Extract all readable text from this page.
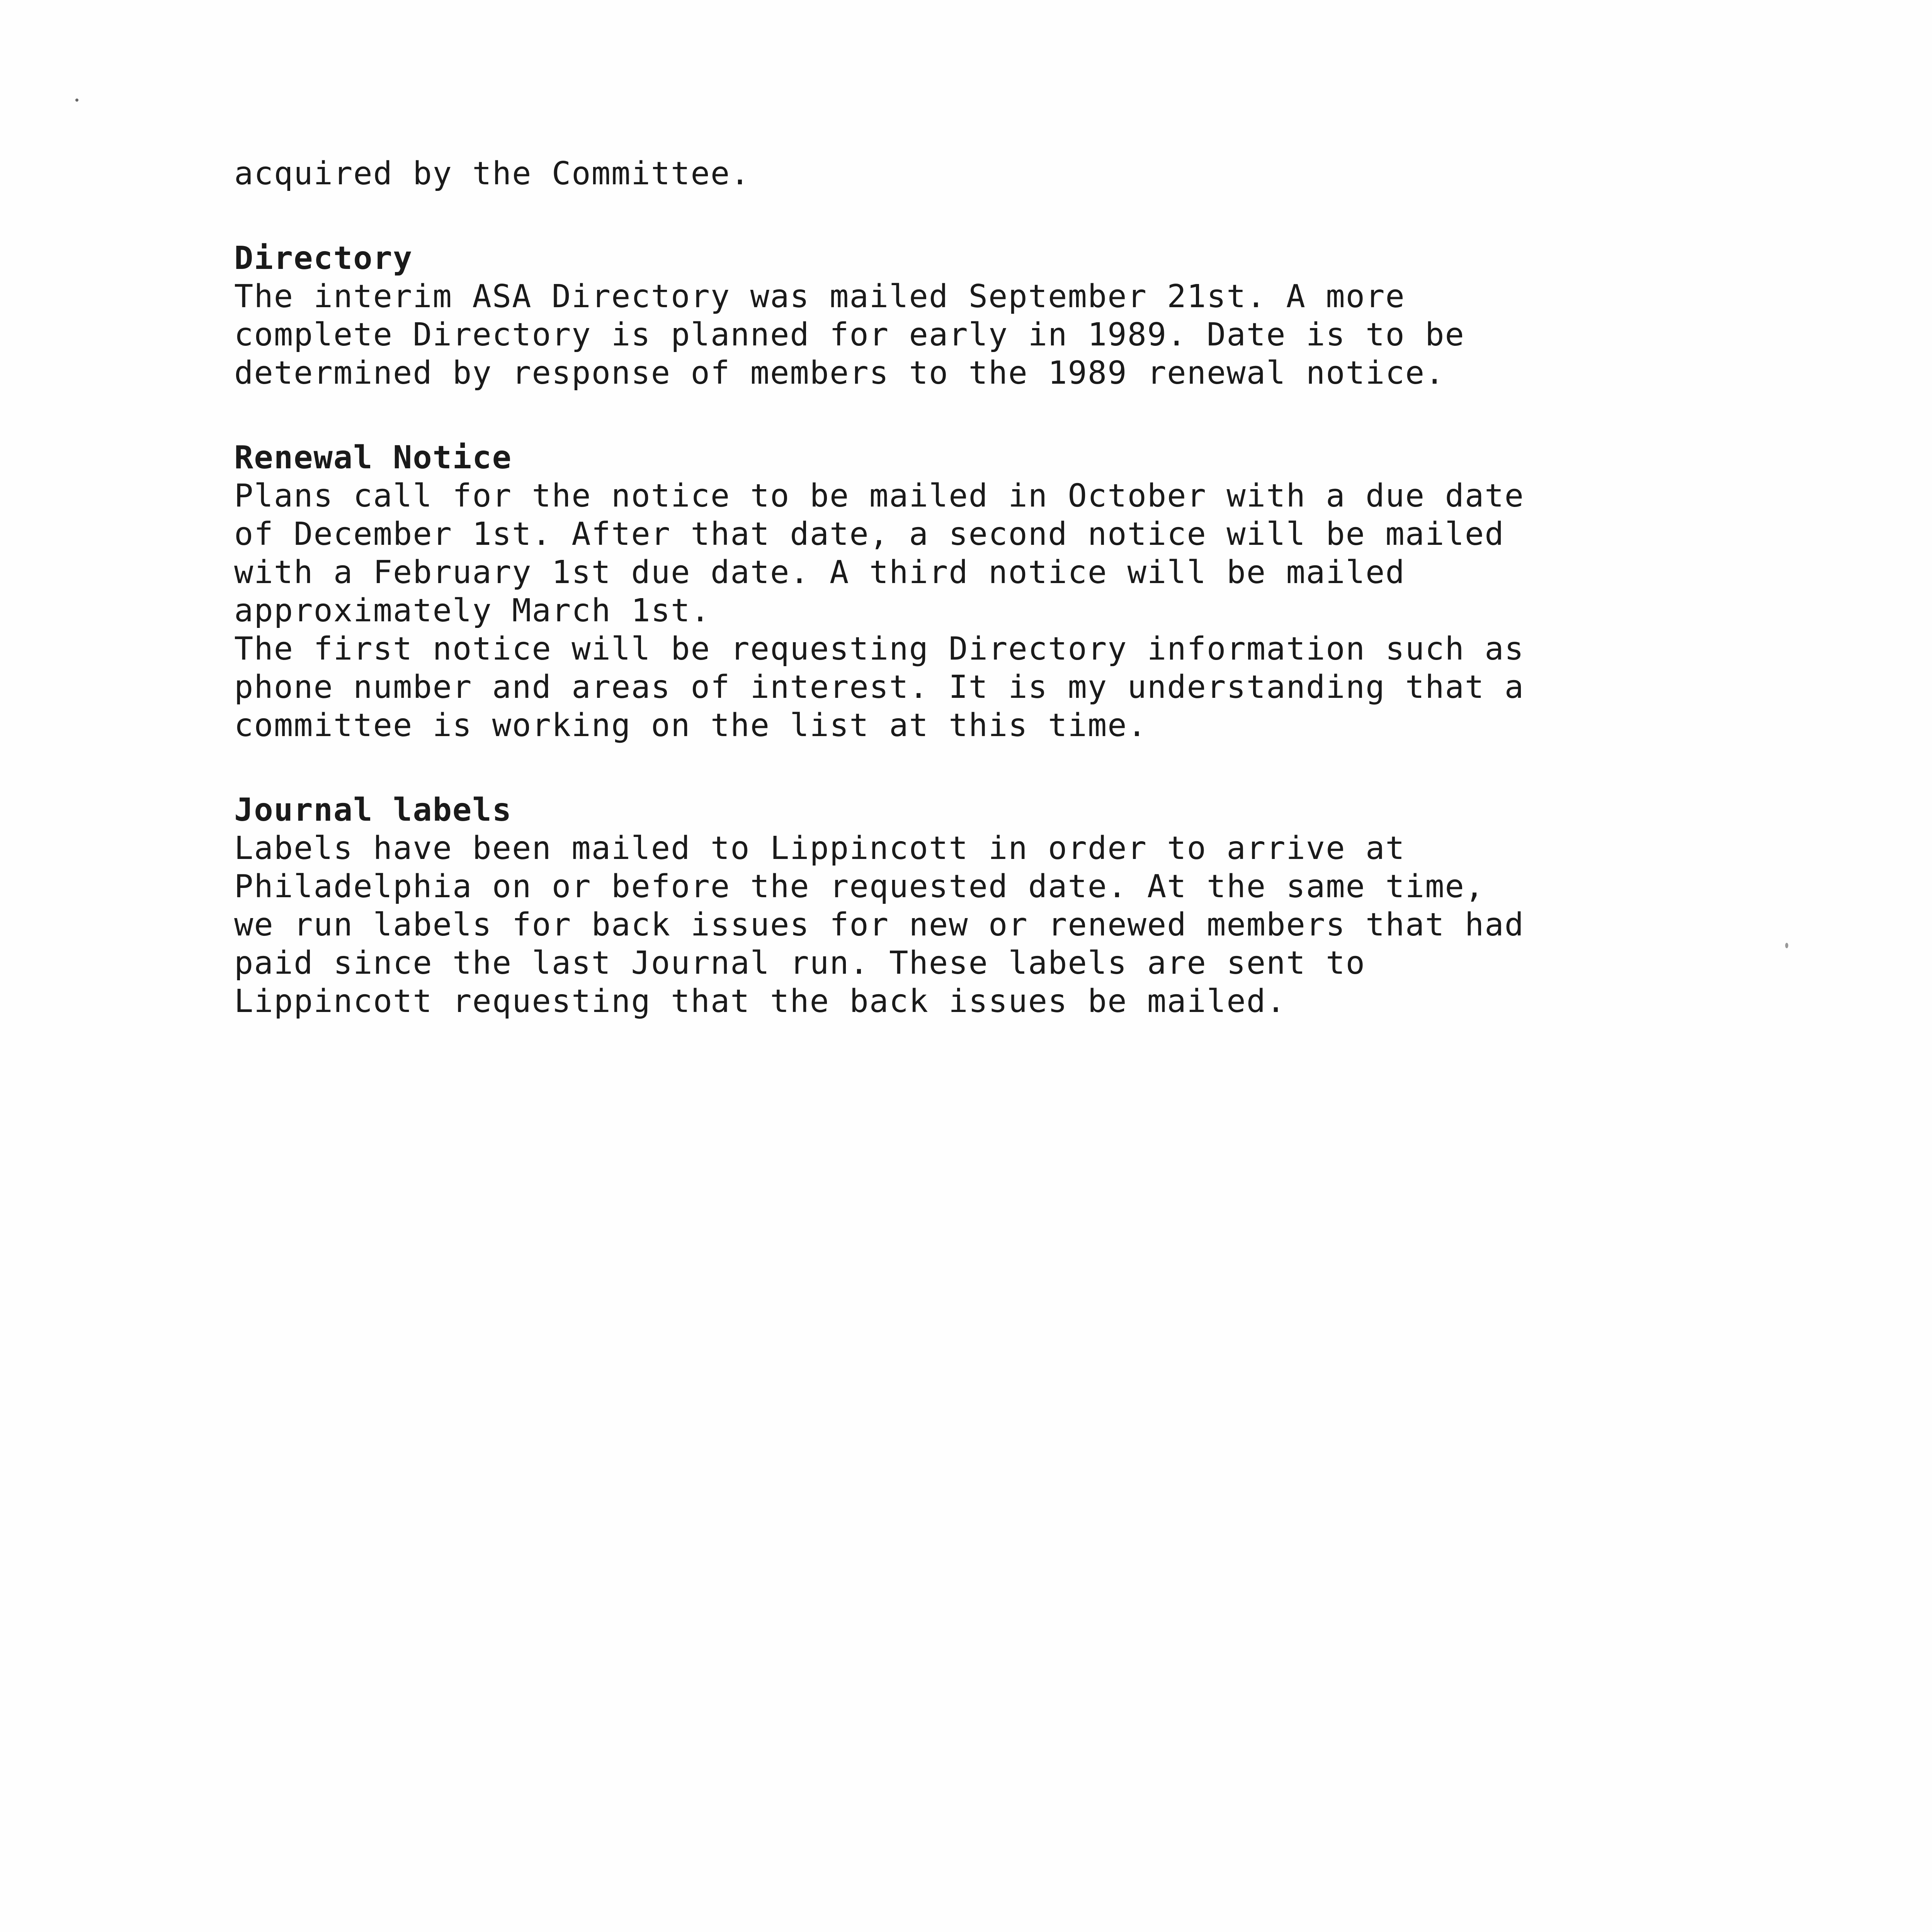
acquired by the Committee.
Directory
The interim ASA Directory was mailed September 21st. A more
complete Directory is planned for early in 1989. Date is to be
determined by response of members to the 1989 renewal notice.
Renewal Notice
Plans call for the notice to be mailed in October with a due date
of December 1st. After that date, a second notice will be mailed
with a February 1st due date. A third notice will be mailed
approximately March 1st.
The first notice will be requesting Directory information such as
phone number and areas of interest. It is my understanding that a
committee is working on the list at this time.
Journal labels
Labels have been mailed to Lippincott in order to arrive at
Philadelphia on or before the requested date. At the same time,
we run labels for back issues for new or renewed members that had
paid since the last Journal run. These labels are sent to
Lippincott requesting that the back issues be mailed.
